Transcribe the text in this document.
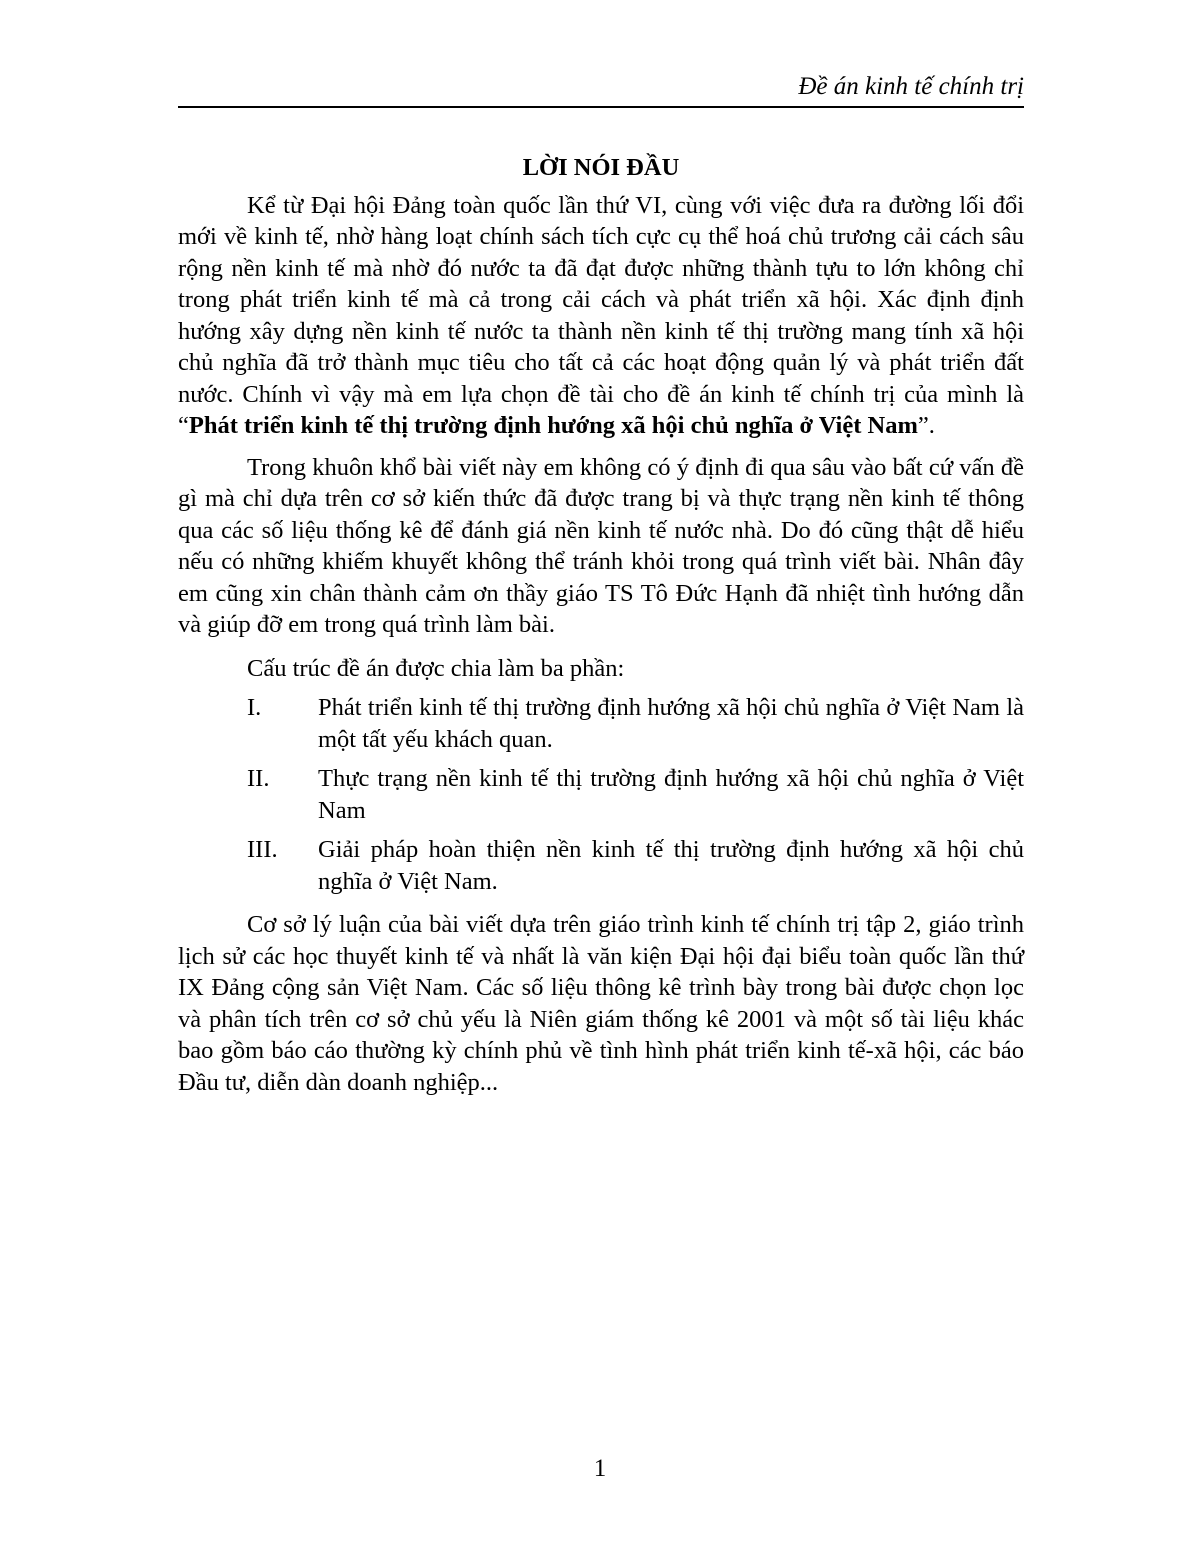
Đề án kinh tế chính trị
LỜI NÓI ĐẦU

Kể từ Đại hội Đảng toàn quốc lần thứ VI, cùng với việc đưa ra đường lối đổi mới về kinh tế, nhờ hàng loạt chính sách tích cực cụ thể hoá chủ trương cải cách sâu rộng nền kinh tế mà nhờ đó nước ta đã đạt được những thành tựu to lớn không chỉ trong phát triển kinh tế mà cả trong cải cách và phát triển xã hội. Xác định định hướng xây dựng nền kinh tế nước ta thành nền kinh tế thị trường mang tính xã hội chủ nghĩa đã trở thành mục tiêu cho tất cả các hoạt động quản lý và phát triển đất nước. Chính vì vậy mà em lựa chọn đề tài cho đề án kinh tế chính trị của mình là “Phát triển kinh tế thị trường định hướng xã hội chủ nghĩa ở Việt Nam”.

Trong khuôn khổ bài viết này em không có ý định đi qua sâu vào bất cứ vấn đề gì mà chỉ dựa trên cơ sở kiến thức đã được trang bị và thực trạng nền kinh tế thông qua các số liệu thống kê để đánh giá nền kinh tế nước nhà. Do đó cũng thật dễ hiểu nếu có những khiếm khuyết không thể tránh khỏi trong quá trình viết bài. Nhân đây em cũng xin chân thành cảm ơn thầy giáo TS Tô Đức Hạnh đã nhiệt tình hướng dẫn và giúp đỡ em trong quá trình làm bài.

Cấu trúc đề án được chia làm ba phần:

I. Phát triển kinh tế thị trường định hướng xã hội chủ nghĩa ở Việt Nam là một tất yếu khách quan.
II. Thực trạng nền kinh tế thị trường định hướng xã hội chủ nghĩa ở Việt Nam
III. Giải pháp hoàn thiện nền kinh tế thị trường định hướng xã hội chủ nghĩa ở Việt Nam.

Cơ sở lý luận của bài viết dựa trên giáo trình kinh tế chính trị tập 2, giáo trình lịch sử các học thuyết kinh tế và nhất là văn kiện Đại hội đại biểu toàn quốc lần thứ IX Đảng cộng sản Việt Nam. Các số liệu thông kê trình bày trong bài được chọn lọc và phân tích trên cơ sở chủ yếu là Niên giám thống kê 2001 và một số tài liệu khác bao gồm báo cáo thường kỳ chính phủ về tình hình phát triển kinh tế-xã hội, các báo Đầu tư, diễn dàn doanh nghiệp...

1
